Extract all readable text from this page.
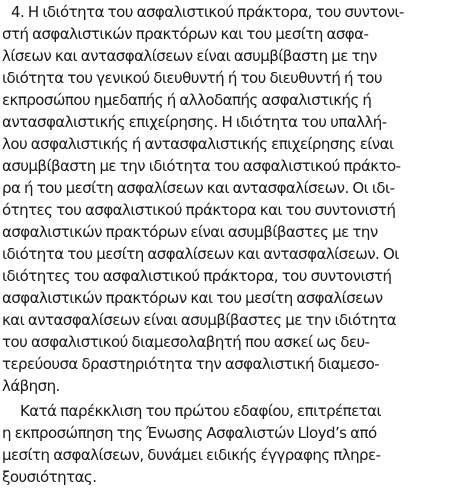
4. Η ιδιότητα του ασφαλιστικού πράκτορα, του συντονι-
στή ασφαλιστικών πρακτόρων και του μεσίτη ασφα-
λίσεων και αντασφαλίσεων είναι ασυμβίβαστη με την
ιδιότητα του γενικού διευθυντή ή του διευθυντή ή του
εκπροσώπου ημεδαπής ή αλλοδαπής ασφαλιστικής ή
αντασφαλιστικής επιχείρησης. Η ιδιότητα του υπαλλή-
λου ασφαλιστικής ή αντασφαλιστικής επιχείρησης είναι
ασυμβίβαστη με την ιδιότητα του ασφαλιστικού πράκτο-
ρα ή του μεσίτη ασφαλίσεων και αντασφαλίσεων. Οι ιδι-
ότητες του ασφαλιστικού πράκτορα και του συντονιστή
ασφαλιστικών πρακτόρων είναι ασυμβίβαστες με την
ιδιότητα του μεσίτη ασφαλίσεων και αντασφαλίσεων. Οι
ιδιότητες του ασφαλιστικού πράκτορα, του συντονιστή
ασφαλιστικών πρακτόρων και του μεσίτη ασφαλίσεων
και αντασφαλίσεων είναι ασυμβίβαστες με την ιδιότητα
του ασφαλιστικού διαμεσολαβητή που ασκεί ως δευ-
τερεύουσα δραστηριότητα την ασφαλιστική διαμεσο-
λάβηση.
Κατά παρέκκλιση του πρώτου εδαφίου, επιτρέπεται
η εκπροσώπηση της Ένωσης Ασφαλιστών Lloyd’s από
μεσίτη ασφαλίσεων, δυνάμει ειδικής έγγραφης πληρε-
ξουσιότητας.
